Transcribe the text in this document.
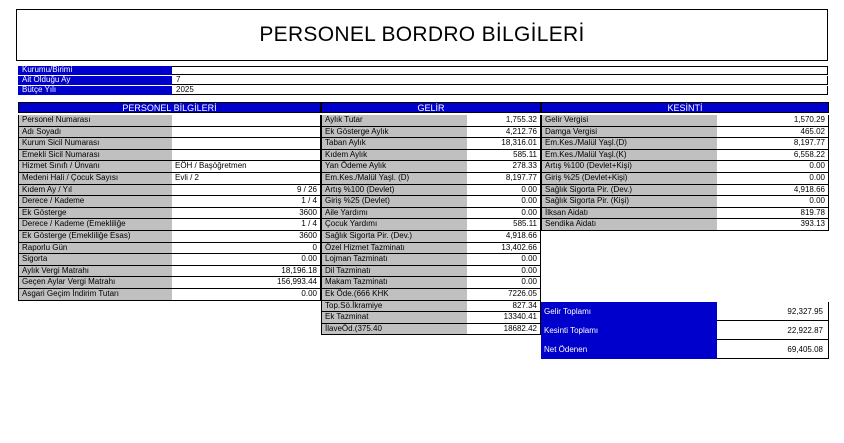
PERSONEL BORDRO BİLGİLERİ
Kurumu/Birimi
Ait Olduğu Ay	7
Bütçe Yılı	2025
PERSONEL BİLGİLERİ	GELİR	KESİNTİ
Personel Numarası
Adı Soyadı
Kurum Sicil Numarası
Emekli Sicil Numarası
Hizmet Sınıfı / Ünvanı	EÖH / Başöğretmen
Medeni Hali / Çocuk Sayısı	Evli / 2
Kıdem Ay / Yıl	9 / 26
Derece / Kademe	1 / 4
Ek Gösterge	3600
Derece / Kademe (Emekliliğe	1 / 4
Ek Gösterge (Emekliliğe Esas)	3600
Raporlu Gün	0
Sigorta	0.00
Aylık Vergi Matrahı	18,196.18
Geçen Aylar Vergi Matrahı	156,993.44
Asgari Geçim İndirim Tutarı	0.00
Aylık Tutar	1,755.32
Ek Gösterge Aylık	4,212.76
Taban Aylık	18,316.01
Kıdem Aylık	585.11
Yan Ödeme Aylık	278.33
Em.Kes./Malül Yaşl. (D)	8,197.77
Artış %100 (Devlet)	0.00
Giriş %25 (Devlet)	0.00
Aile Yardımı	0.00
Çocuk Yardımı	585.11
Sağlık Sigorta Pir. (Dev.)	4,918.66
Özel Hizmet Tazminatı	13,402.66
Lojman Tazminatı	0.00
Dil Tazminatı	0.00
Makam Tazminatı	0.00
Ek Öde.(666 KHK	7226.05
Top.Sö.İkramiye	827.34
Ek Tazminat	13340.41
İlaveÖd.(375.40	18682.42
Gelir Vergisi	1,570.29
Damga Vergisi	465.02
Em.Kes./Malül Yaşl.(D)	8,197.77
Em.Kes./Malül Yaşl.(K)	6,558.22
Artış %100 (Devlet+Kişi)	0.00
Giriş %25 (Devlet+Kişi)	0.00
Sağlık Sigorta Pir. (Dev.)	4,918.66
Sağlık Sigorta Pir. (Kişi)	0.00
İlksan Aidatı	819.78
Sendika Aidatı	393.13
Gelir Toplamı	92,327.95
Kesinti Toplamı	22,922.87
Net Ödenen	69,405.08
